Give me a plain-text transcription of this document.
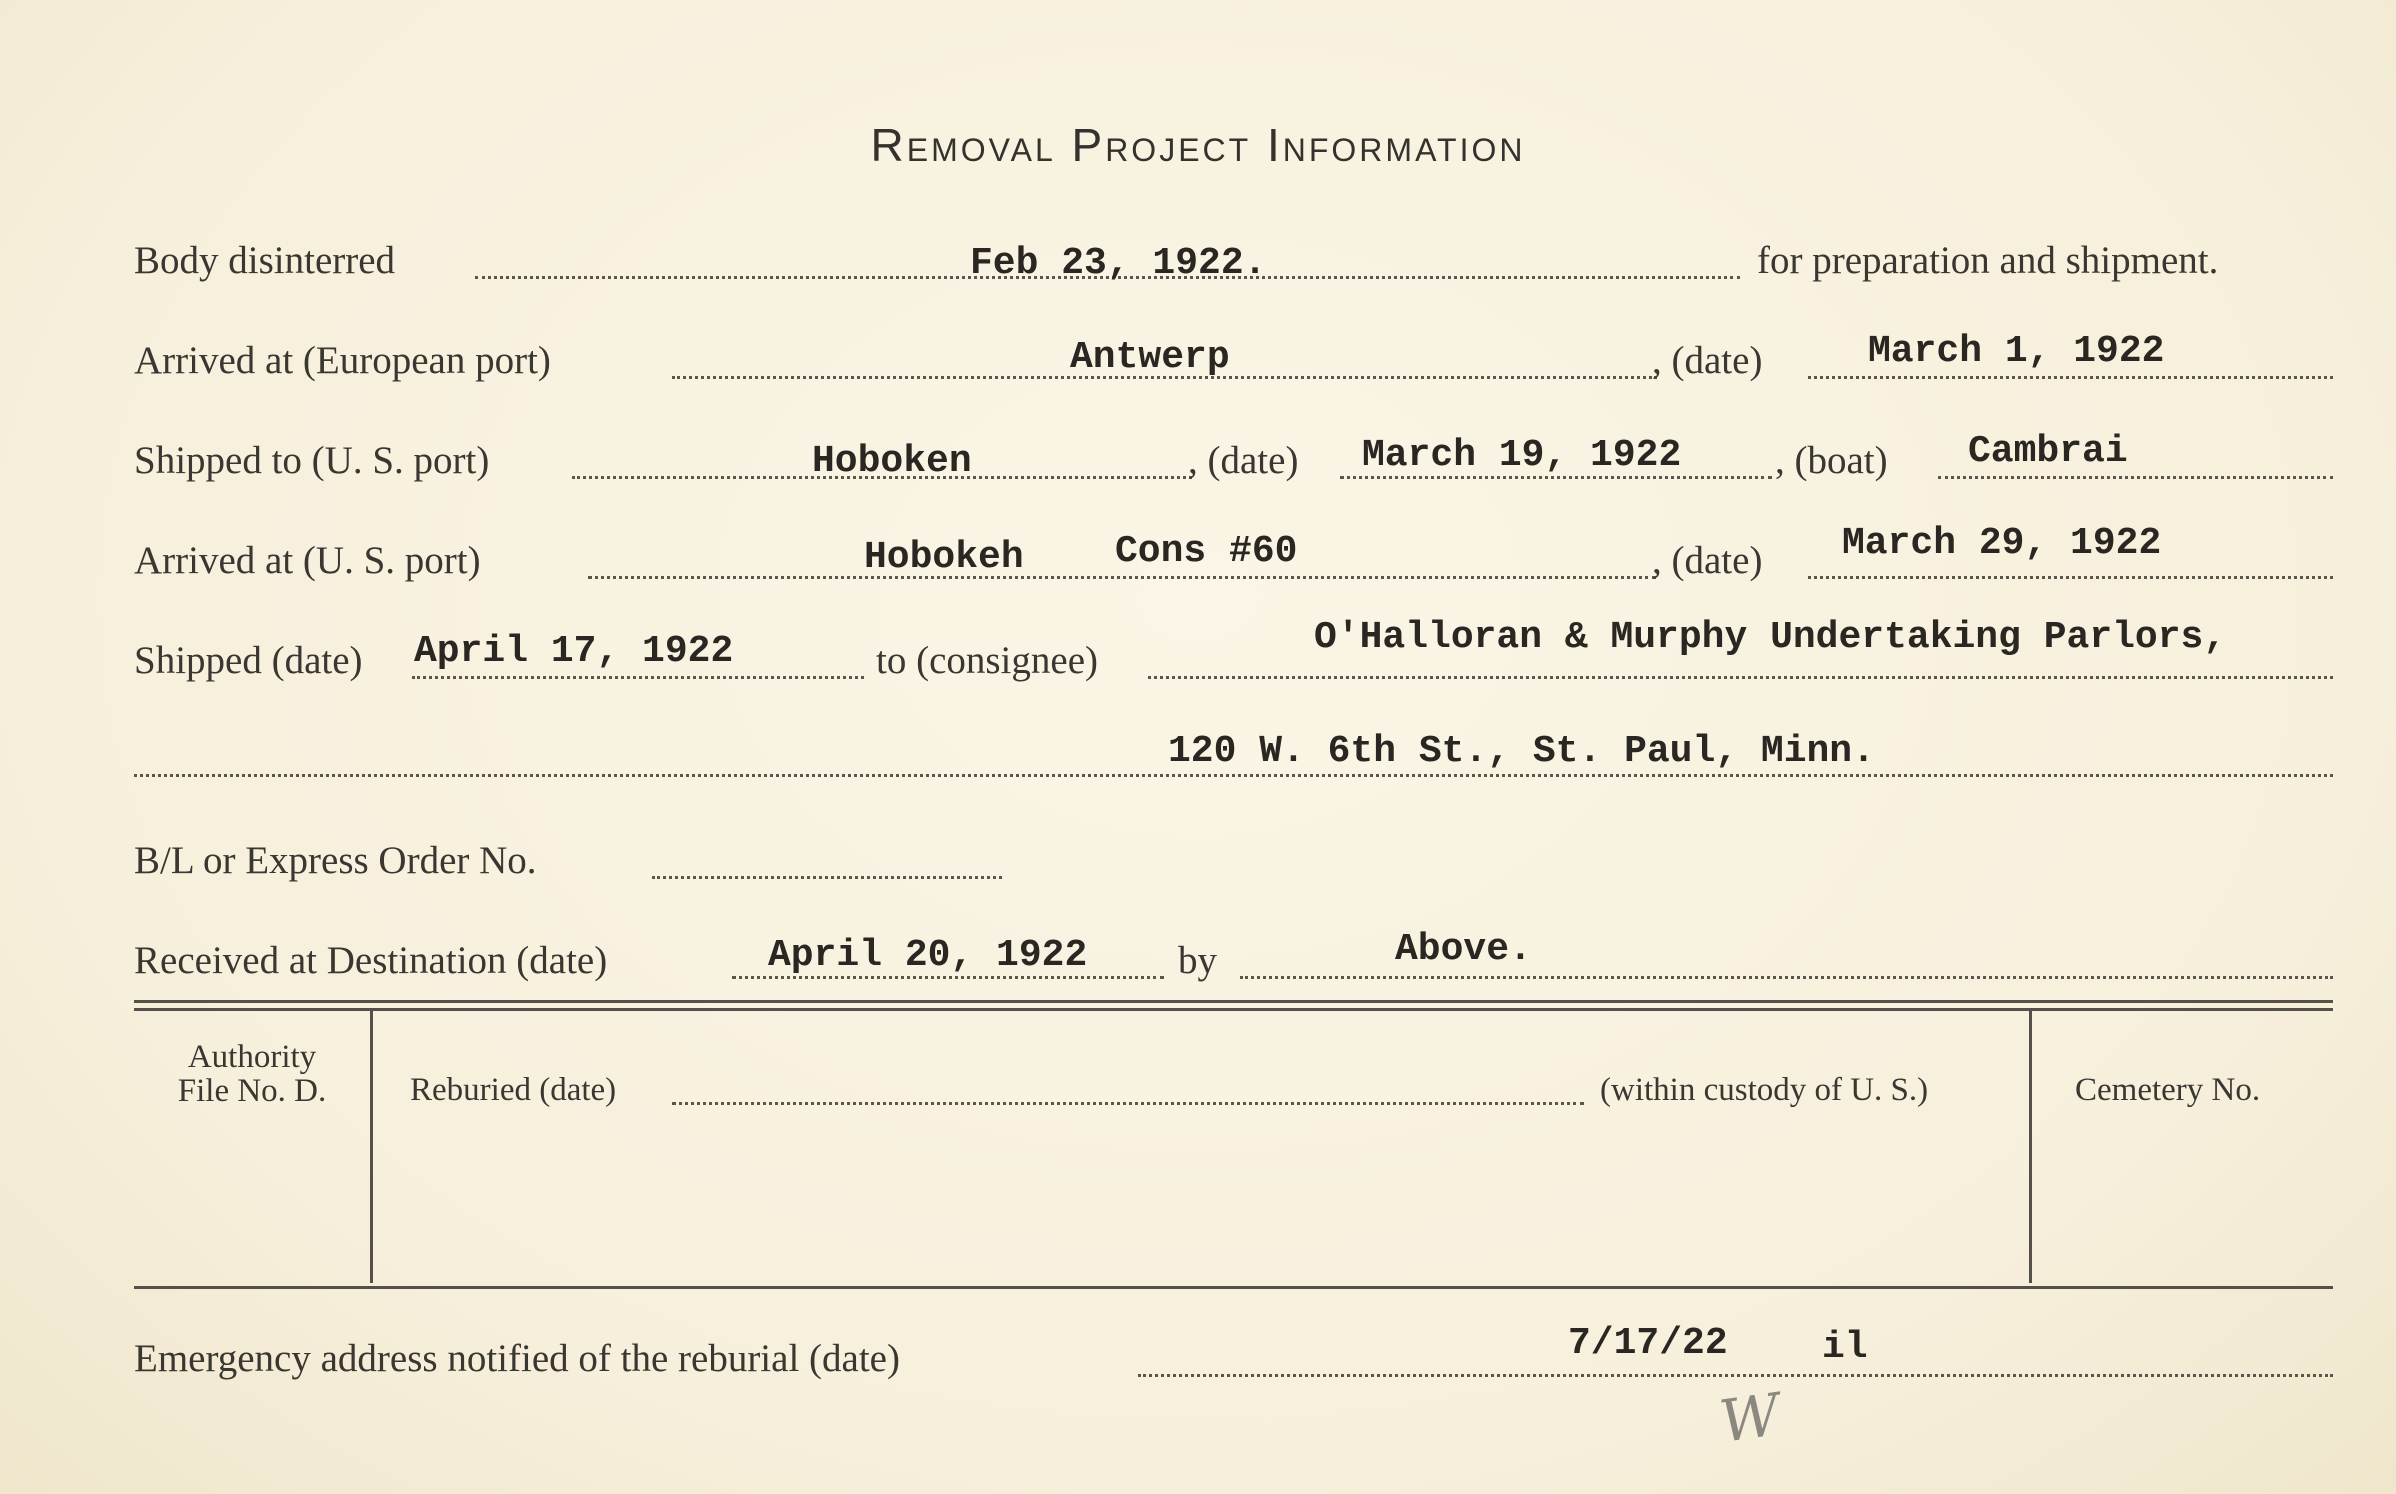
Removal Project Information
Body disinterred	Feb 23, 1922.	for preparation and shipment.
Arrived at (European port)	Antwerp	, (date)	March 1, 1922
Shipped to (U. S. port)	Hoboken	, (date) March 19, 1922 , (boat) Cambrai
Arrived at (U. S. port)	Hobokeh Cons #60	, (date) March 29, 1922
Shipped (date) April 17, 1922	to (consignee)
O'Halloran & Murphy Undertaking Parlors,
120 W. 6th St., St. Paul, Minn.
B/L or Express Order No.
Received at Destination (date)	April 20, 1922 by	Above.
Authority
File No. D.	Reburied (date)	(within custody of U. S.)	Cemetery No.
Emergency address notified of the reburial (date)	7/17/22 il
W
